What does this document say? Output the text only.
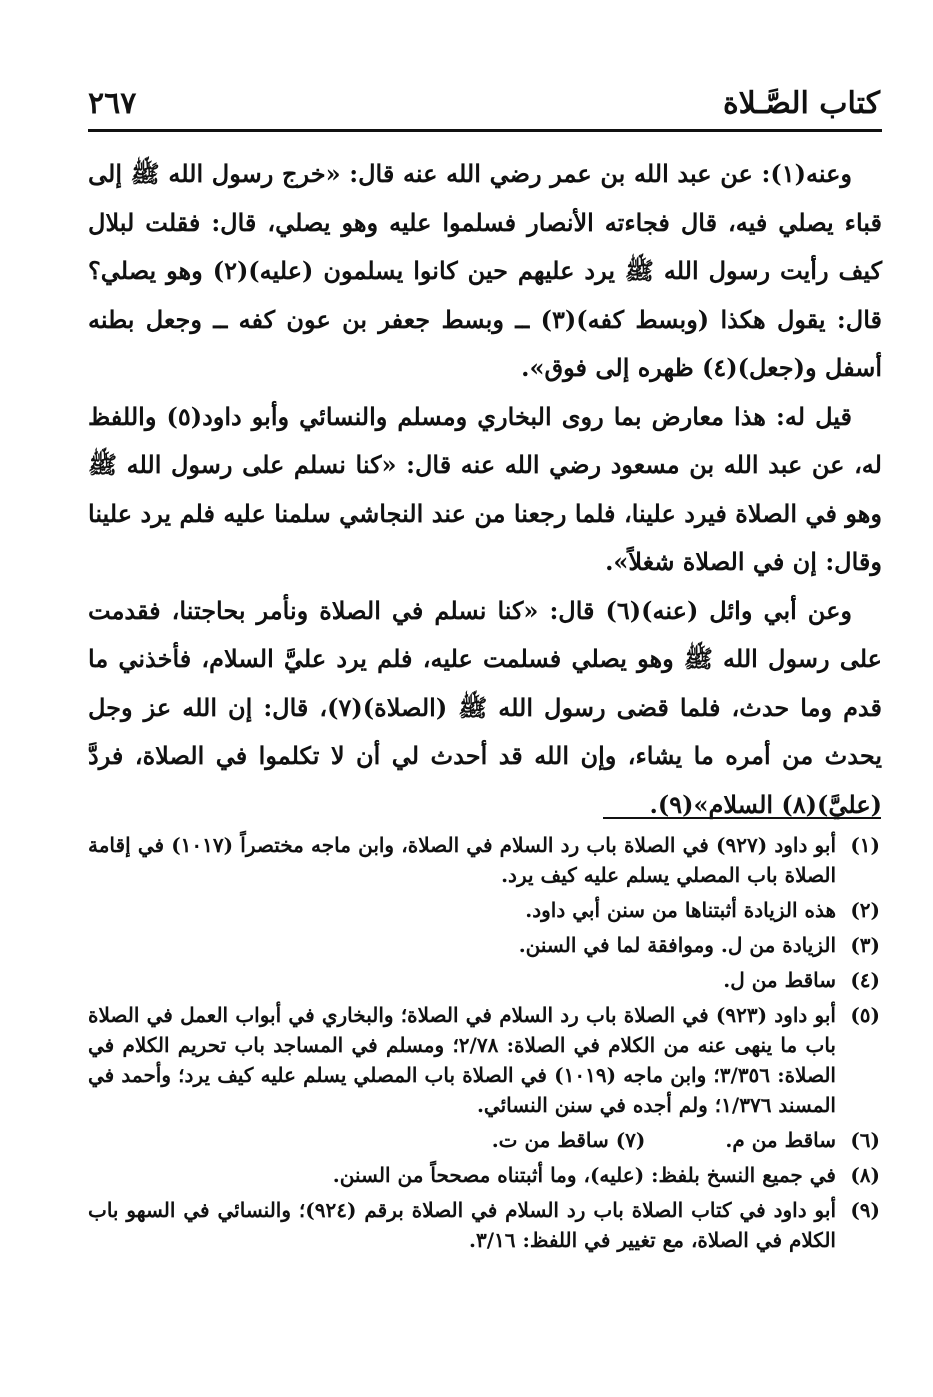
كتاب الصَّـلاة
٢٦٧

وعنه(١): عن عبد الله بن عمر رضي الله عنه قال: «خرج رسول الله ﷺ إلى قباء يصلي فيه، قال فجاءته الأنصار فسلموا عليه وهو يصلي، قال: فقلت لبلال كيف رأيت رسول الله ﷺ يرد عليهم حين كانوا يسلمون (عليه)(٢) وهو يصلي؟ قال: يقول هكذا (وبسط كفه)(٣) ــ وبسط جعفر بن عون كفه ــ وجعل بطنه أسفل و(جعل)(٤) ظهره إلى فوق».

قيل له: هذا معارض بما روى البخاري ومسلم والنسائي وأبو داود(٥) واللفظ له، عن عبد الله بن مسعود رضي الله عنه قال: «كنا نسلم على رسول الله ﷺ وهو في الصلاة فيرد علينا، فلما رجعنا من عند النجاشي سلمنا عليه فلم يرد علينا وقال: إن في الصلاة شغلاً».

وعن أبي وائل (عنه)(٦) قال: «كنا نسلم في الصلاة ونأمر بحاجتنا، فقدمت على رسول الله ﷺ وهو يصلي فسلمت عليه، فلم يرد عليَّ السلام، فأخذني ما قدم وما حدث، فلما قضى رسول الله ﷺ (الصلاة)(٧)، قال: إن الله عز وجل يحدث من أمره ما يشاء، وإن الله قد أحدث لي أن لا تكلموا في الصلاة، فردَّ (عليَّ)(٨) السلام»(٩).

(١)
أبو داود (٩٢٧) في الصلاة باب رد السلام في الصلاة، وابن ماجه مختصراً (١٠١٧) في إقامة الصلاة باب المصلي يسلم عليه كيف يرد.
(٢)
هذه الزيادة أثبتناها من سنن أبي داود.
(٣)
الزيادة من ل. وموافقة لما في السنن.
(٤)
ساقط من ل.
(٥)
أبو داود (٩٢٣) في الصلاة باب رد السلام في الصلاة؛ والبخاري في أبواب العمل في الصلاة باب ما ينهى عنه من الكلام في الصلاة: ٢/٧٨؛ ومسلم في المساجد باب تحريم الكلام في الصلاة: ٣/٣٥٦؛ وابن ماجه (١٠١٩) في الصلاة باب المصلي يسلم عليه كيف يرد؛ وأحمد في المسند ١/٣٧٦؛ ولم أجده في سنن النسائي.
(٦)
ساقط من م.
(٧) ساقط من ت.
(٨)
في جميع النسخ بلفظ: (عليه)، وما أثبتناه مصححاً من السنن.
(٩)
أبو داود في كتاب الصلاة باب رد السلام في الصلاة برقم (٩٢٤)؛ والنسائي في السهو باب الكلام في الصلاة، مع تغيير في اللفظ: ٣/١٦.
